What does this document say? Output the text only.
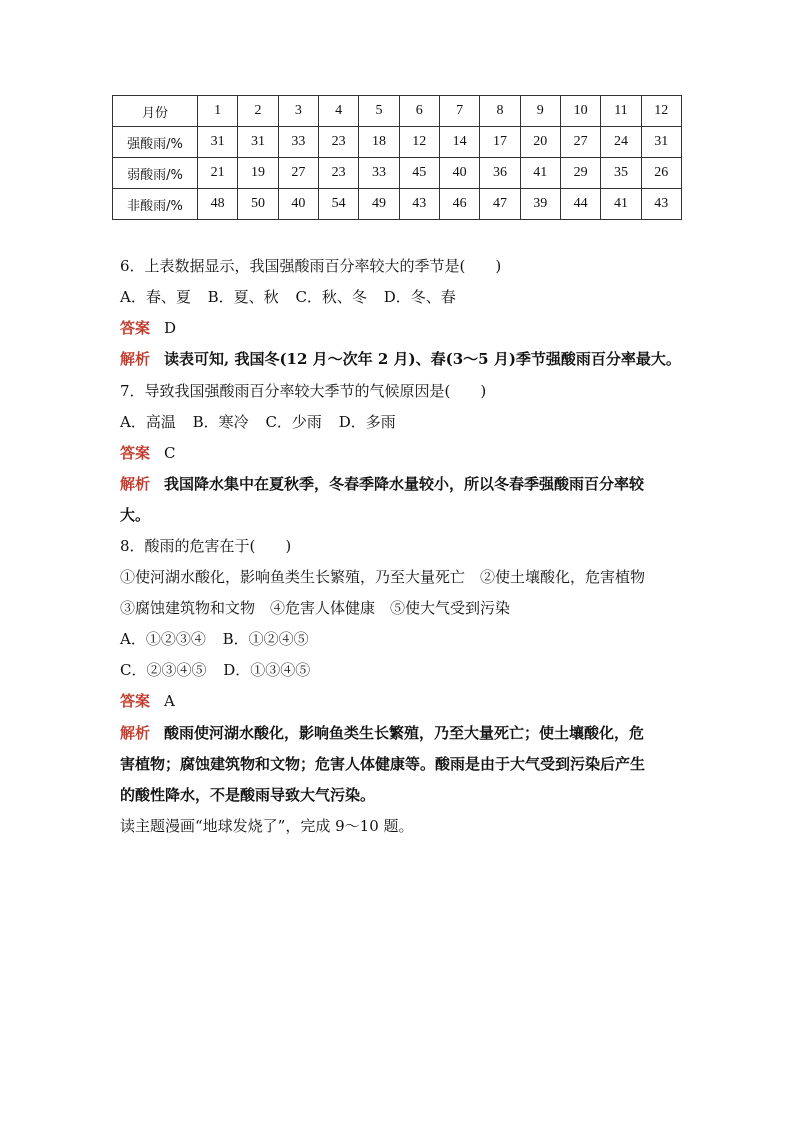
月份	1	2	3	4	5	6	7	8	9	10	11	12
强酸雨/%	31	31	33	23	18	12	14	17	20	27	24	31
弱酸雨/%	21	19	27	23	33	45	40	36	41	29	35	26
非酸雨/%	48	50	40	54	49	43	46	47	39	44	41	43
6．上表数据显示，我国强酸雨百分率较大的季节是(　　)
A．春、夏 B．夏、秋 C．秋、冬 D．冬、春
答案 D
解析 读表可知, 我国冬(12 月～次年 2 月)、春(3～5 月)季节强酸雨百分率最大。
7．导致我国强酸雨百分率较大季节的气候原因是(　　)
A．高温 B．寒冷 C．少雨 D．多雨
答案 C
解析 我国降水集中在夏秋季，冬春季降水量较小，所以冬春季强酸雨百分率较
大。
8．酸雨的危害在于(　　)
①使河湖水酸化，影响鱼类生长繁殖，乃至大量死亡　②使土壤酸化，危害植物
③腐蚀建筑物和文物　④危害人体健康　⑤使大气受到污染
A．①②③④ B．①②④⑤
C．②③④⑤ D．①③④⑤
答案 A
解析 酸雨使河湖水酸化，影响鱼类生长繁殖，乃至大量死亡；使土壤酸化，危
害植物；腐蚀建筑物和文物；危害人体健康等。酸雨是由于大气受到污染后产生
的酸性降水，不是酸雨导致大气污染。
读主题漫画“地球发烧了”，完成 9～10 题。
